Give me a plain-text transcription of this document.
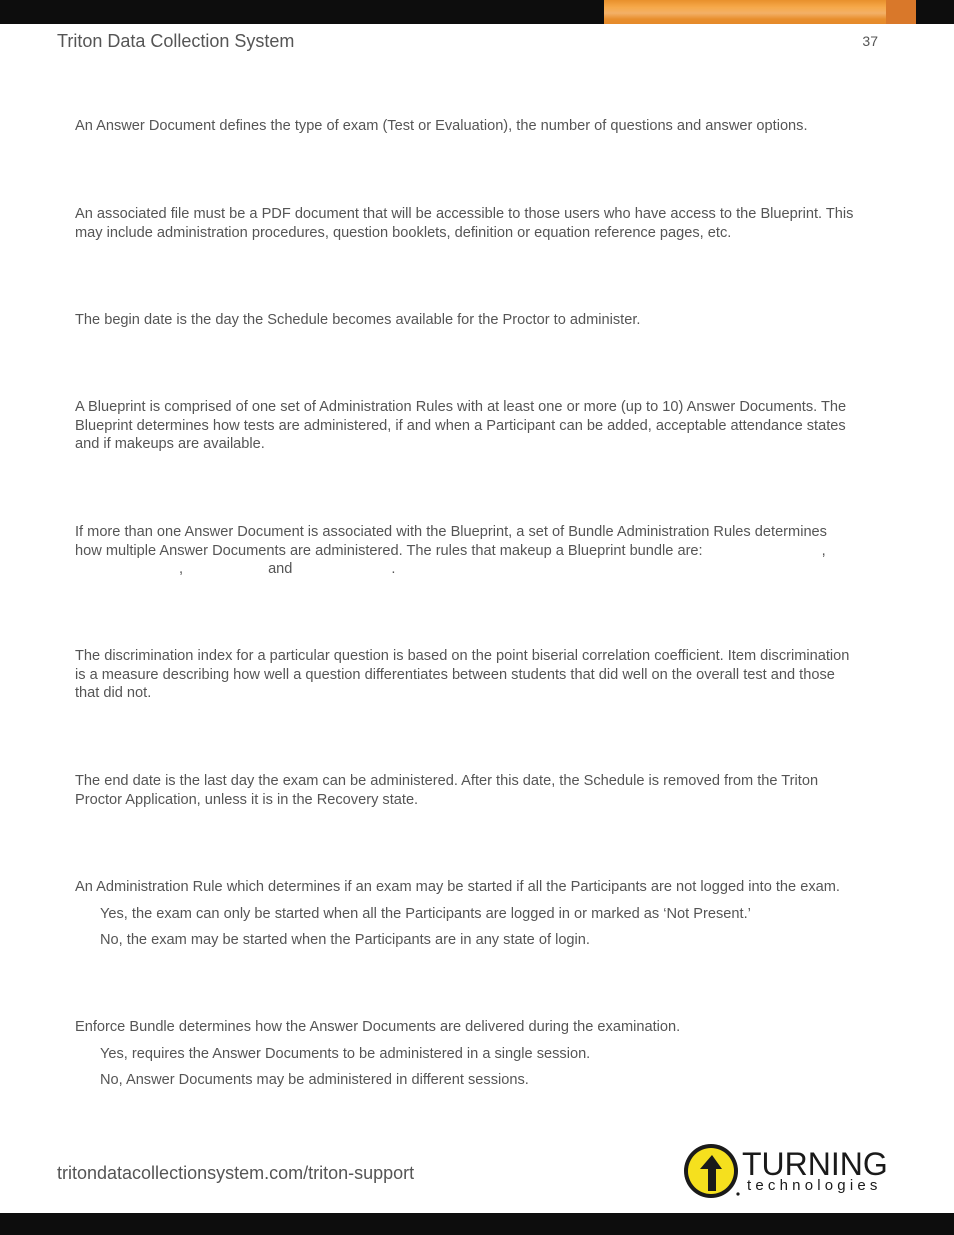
Triton Data Collection System	37
An Answer Document defines the type of exam (Test or Evaluation), the number of questions and answer options.
An associated file must be a PDF document that will be accessible to those users who have access to the Blueprint. This
may include administration procedures, question booklets, definition or equation reference pages, etc.
The begin date is the day the Schedule becomes available for the Proctor to administer.
A Blueprint is comprised of one set of Administration Rules with at least one or more (up to 10) Answer Documents. The
Blueprint determines how tests are administered, if and when a Participant can be added, acceptable attendance states
and if makeups are available.
If more than one Answer Document is associated with the Blueprint, a set of Bundle Administration Rules determines
how multiple Answer Documents are administered. The rules that makeup a Blueprint bundle are:	,
,	and	.
The discrimination index for a particular question is based on the point biserial correlation coefficient. Item discrimination
is a measure describing how well a question differentiates between students that did well on the overall test and those
that did not.
The end date is the last day the exam can be administered. After this date, the Schedule is removed from the Triton
Proctor Application, unless it is in the Recovery state.
An Administration Rule which determines if an exam may be started if all the Participants are not logged into the exam.
Yes, the exam can only be started when all the Participants are logged in or marked as ‘Not Present.’
No, the exam may be started when the Participants are in any state of login.
Enforce Bundle determines how the Answer Documents are delivered during the examination.
Yes, requires the Answer Documents to be administered in a single session.
No, Answer Documents may be administered in different sessions.
tritondatacollectionsystem.com/triton-support	TURNING
technologies
